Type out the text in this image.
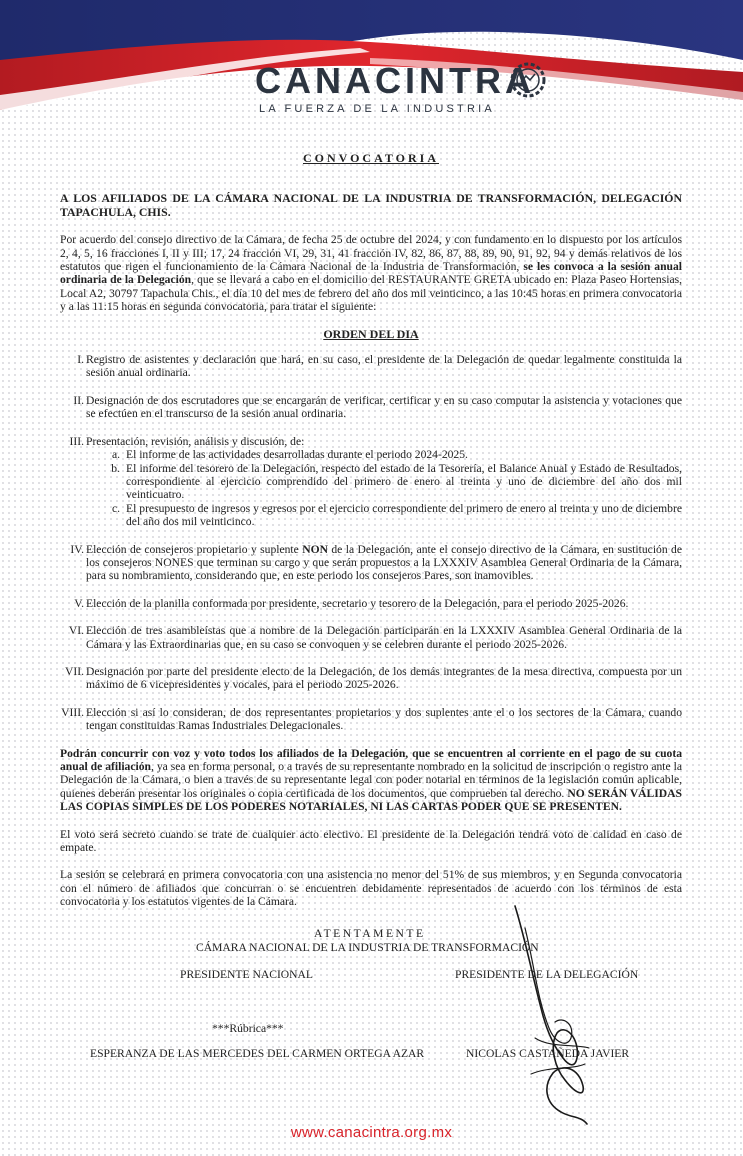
CANACINTRA
LA FUERZA DE LA INDUSTRIA
CONVOCATORIA
A LOS AFILIADOS DE LA CÁMARA NACIONAL DE LA INDUSTRIA DE TRANSFORMACIÓN, DELEGACIÓN TAPACHULA, CHIS.

Por acuerdo del consejo directivo de la Cámara, de fecha 25 de octubre del 2024, y con fundamento en lo dispuesto por los artículos 2, 4, 5, 16 fracciones I, II y III; 17, 24 fracción VI, 29, 31, 41 fracción IV, 82, 86, 87, 88, 89, 90, 91, 92, 94 y demás relativos de los estatutos que rigen el funcionamiento de la Cámara Nacional de la Industria de Transformación, se les convoca a la sesión anual ordinaria de la Delegación, que se llevará a cabo en el domicilio del RESTAURANTE GRETA ubicado en: Plaza Paseo Hortensias, Local A2, 30797 Tapachula Chis., el día 10 del mes de febrero del año dos mil veinticinco, a las 10:45 horas en primera convocatoria y a las 11:15 horas en segunda convocatoria, para tratar el siguiente:

ORDEN DEL DIA
I. Registro de asistentes y declaración que hará, en su caso, el presidente de la Delegación de quedar legalmente constituida la sesión anual ordinaria.
II. Designación de dos escrutadores que se encargarán de verificar, certificar y en su caso computar la asistencia y votaciones que se efectúen en el transcurso de la sesión anual ordinaria.
III. Presentación, revisión, análisis y discusión, de:
a. El informe de las actividades desarrolladas durante el periodo 2024-2025.
b. El informe del tesorero de la Delegación, respecto del estado de la Tesorería, el Balance Anual y Estado de Resultados, correspondiente al ejercicio comprendido del primero de enero al treinta y uno de diciembre del año dos mil veinticuatro.
c. El presupuesto de ingresos y egresos por el ejercicio correspondiente del primero de enero al treinta y uno de diciembre del año dos mil veinticinco.
IV. Elección de consejeros propietario y suplente NON de la Delegación, ante el consejo directivo de la Cámara, en sustitución de los consejeros NONES que terminan su cargo y que serán propuestos a la LXXXIV Asamblea General Ordinaria de la Cámara, para su nombramiento, considerando que, en este periodo los consejeros Pares, son inamovibles.
V. Elección de la planilla conformada por presidente, secretario y tesorero de la Delegación, para el periodo 2025-2026.
VI. Elección de tres asambleístas que a nombre de la Delegación participarán en la LXXXIV Asamblea General Ordinaria de la Cámara y las Extraordinarias que, en su caso se convoquen y se celebren durante el periodo 2025-2026.
VII. Designación por parte del presidente electo de la Delegación, de los demás integrantes de la mesa directiva, compuesta por un máximo de 6 vicepresidentes y vocales, para el periodo 2025-2026.
VIII. Elección si así lo consideran, de dos representantes propietarios y dos suplentes ante el o los sectores de la Cámara, cuando tengan constituidas Ramas Industriales Delegacionales.

Podrán concurrir con voz y voto todos los afiliados de la Delegación, que se encuentren al corriente en el pago de su cuota anual de afiliación, ya sea en forma personal, o a través de su representante nombrado en la solicitud de inscripción o registro ante la Delegación de la Cámara, o bien a través de su representante legal con poder notarial en términos de la legislación común aplicable, quienes deberán presentar los originales o copia certificada de los documentos, que comprueben tal derecho. NO SERÁN VÁLIDAS LAS COPIAS SIMPLES DE LOS PODERES NOTARIALES, NI LAS CARTAS PODER QUE SE PRESENTEN.

El voto será secreto cuando se trate de cualquier acto electivo. El presidente de la Delegación tendrá voto de calidad en caso de empate.

La sesión se celebrará en primera convocatoria con una asistencia no menor del 51% de sus miembros, y en Segunda convocatoria con el número de afiliados que concurran o se encuentren debidamente representados de acuerdo con los términos de esta convocatoria y los estatutos vigentes de la Cámara.

ATENTAMENTE
CÁMARA NACIONAL DE LA INDUSTRIA DE TRANSFORMACIÓN
PRESIDENTE NACIONAL	PRESIDENTE DE LA DELEGACIÓN
***Rúbrica***
ESPERANZA DE LAS MERCEDES DEL CARMEN ORTEGA AZAR	NICOLAS CASTAÑEDA JAVIER
www.canacintra.org.mx
